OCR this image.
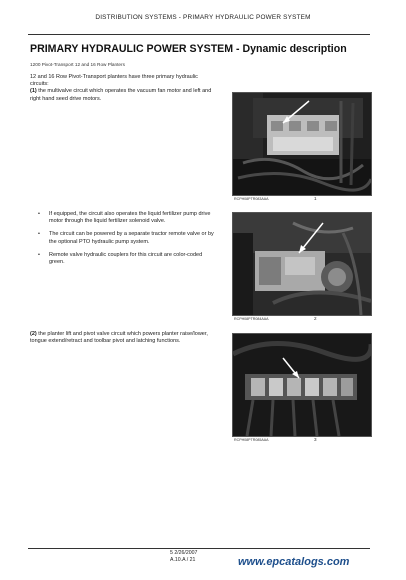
DISTRIBUTION SYSTEMS - PRIMARY HYDRAULIC POWER SYSTEM
PRIMARY HYDRAULIC POWER SYSTEM - Dynamic description
1200 Pivot-Transport 12 and 16 Row Planters
12 and 16 Row Pivot-Transport planters have three primary hydraulic circuits:
(1) the multivalve circuit which operates the vacuum fan motor and left and right hand seed drive motors.
RCPH08PTR083AAA	1
• If equipped, the circuit also operates the liquid fertilizer pump drive motor through the liquid fertilizer solenoid valve.
• The circuit can be powered by a separate tractor remote valve or by the optional PTO hydraulic pump system.
• Remote valve hydraulic couplers for this circuit are color-coded green.
RCPH08PTR084AAA	2
(2) the planter lift and pivot valve circuit which powers planter raise/lower, tongue extend/retract and toolbar pivot and latching functions.
RCPH08PTR085AAA	3
5 2/26/2007
A.10.A / 21	www.epcatalogs.com
